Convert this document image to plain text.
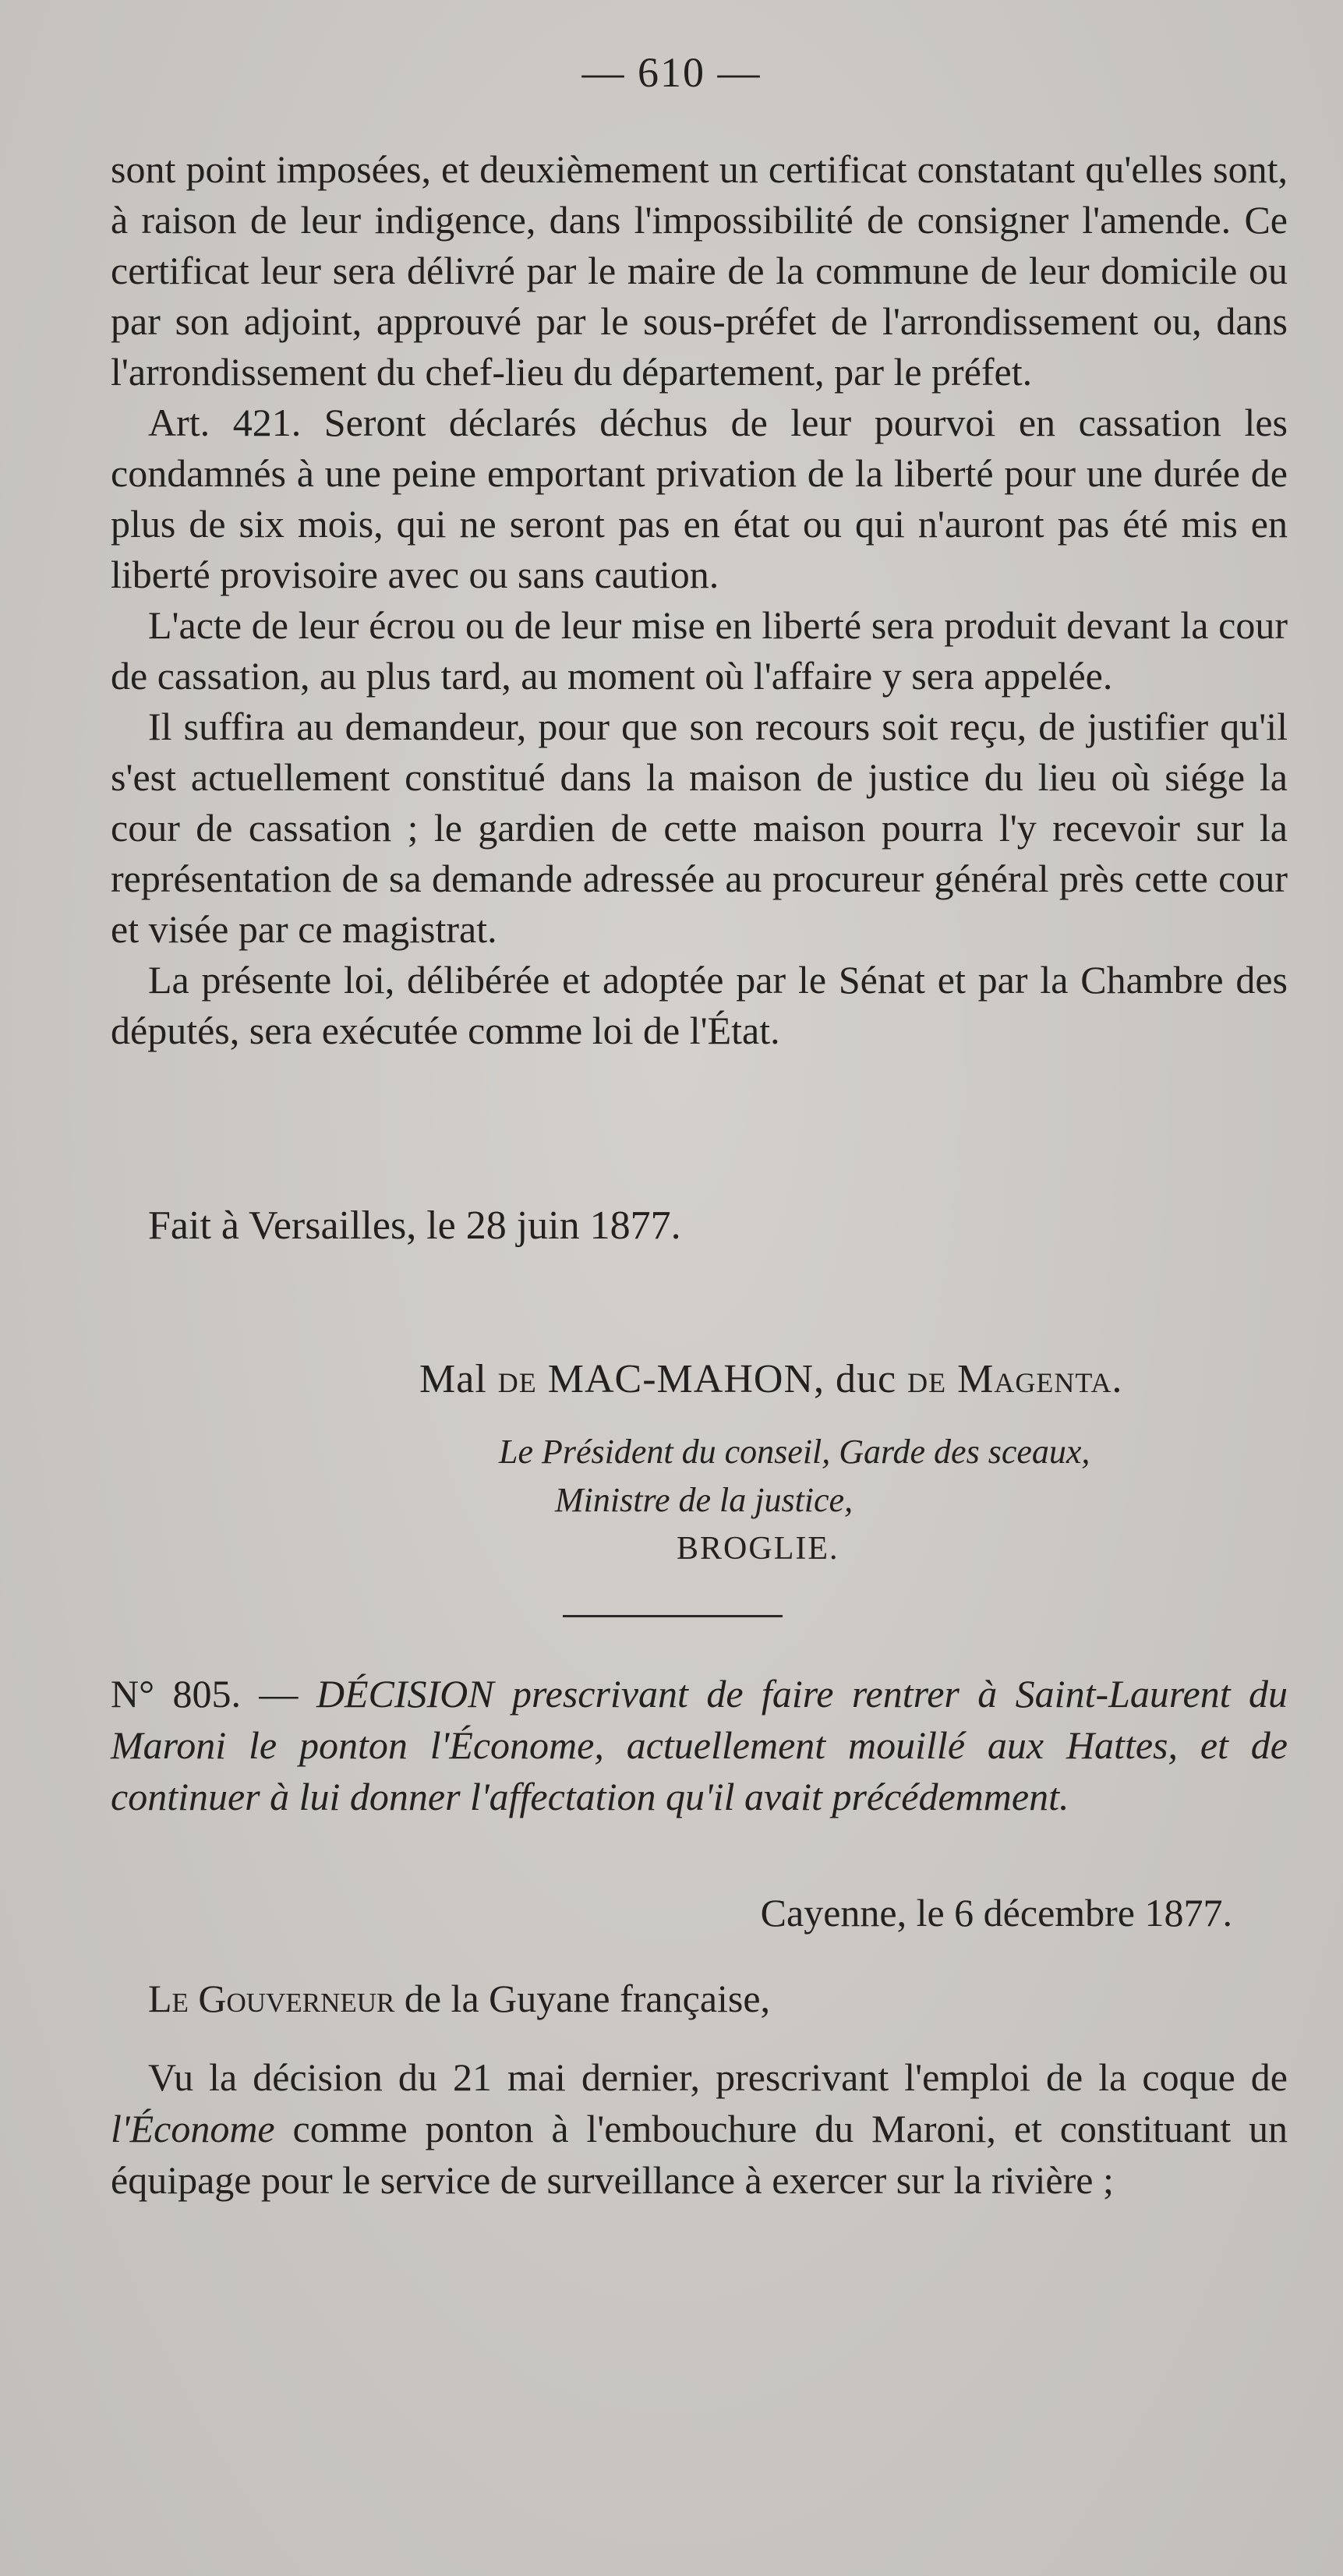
— 610 —

sont point imposées, et deuxièmement un certificat constatant qu'elles sont, à raison de leur indigence, dans l'impossibilité de consigner l'amende. Ce certificat leur sera délivré par le maire de la commune de leur domicile ou par son adjoint, approuvé par le sous-préfet de l'arrondissement ou, dans l'arrondissement du chef-lieu du département, par le préfet.

Art. 421. Seront déclarés déchus de leur pourvoi en cassation les condamnés à une peine emportant privation de la liberté pour une durée de plus de six mois, qui ne seront pas en état ou qui n'auront pas été mis en liberté provisoire avec ou sans caution.

L'acte de leur écrou ou de leur mise en liberté sera produit devant la cour de cassation, au plus tard, au moment où l'affaire y sera appelée.

Il suffira au demandeur, pour que son recours soit reçu, de justifier qu'il s'est actuellement constitué dans la maison de justice du lieu où siége la cour de cassation ; le gardien de cette maison pourra l'y recevoir sur la représentation de sa demande adressée au procureur général près cette cour et visée par ce magistrat.

La présente loi, délibérée et adoptée par le Sénat et par la Chambre des députés, sera exécutée comme loi de l'État.

Fait à Versailles, le 28 juin 1877.
Mal de MAC-MAHON, duc de Magenta.
Le Président du conseil, Garde des sceaux,
Ministre de la justice,
BROGLIE.
N° 805. — DÉCISION prescrivant de faire rentrer à Saint-Laurent du Maroni le ponton l'Économe, actuellement mouillé aux Hattes, et de continuer à lui donner l'affectation qu'il avait précédemment.
Cayenne, le 6 décembre 1877.
Le Gouverneur de la Guyane française,
Vu la décision du 21 mai dernier, prescrivant l'emploi de la coque de l'Économe comme ponton à l'embouchure du Maroni, et constituant un équipage pour le service de surveillance à exercer sur la rivière ;
